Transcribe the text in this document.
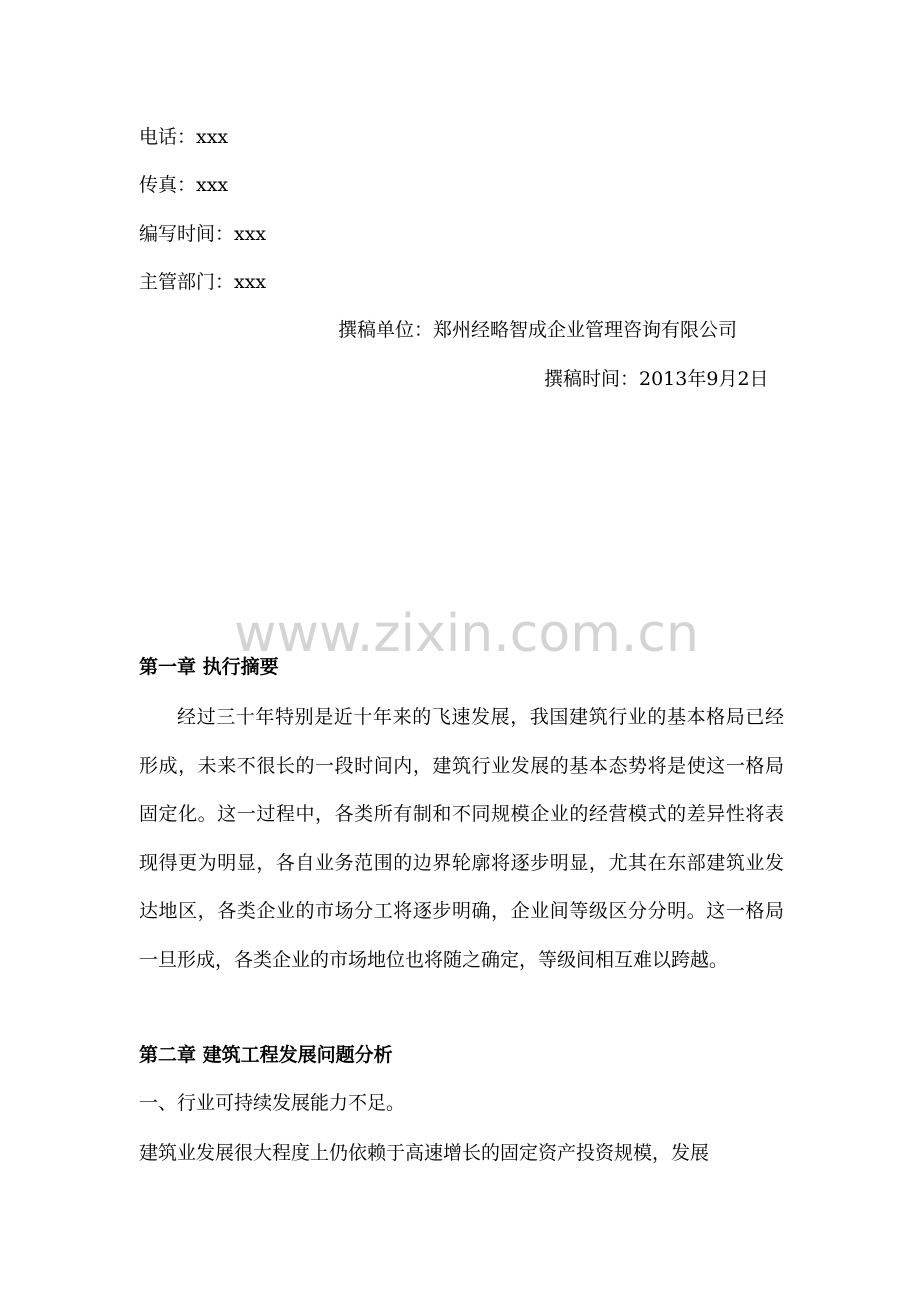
电话：xxx
传真：xxx
编写时间：xxx
主管部门：xxx
撰稿单位：郑州经略智成企业管理咨询有限公司
撰稿时间：2013年9月2日
www.zixin.com.cn
第一章 执行摘要

经过三十年特别是近十年来的飞速发展，我国建筑行业的基本格局已经形成，未来不很长的一段时间内，建筑行业发展的基本态势将是使这一格局固定化。这一过程中，各类所有制和不同规模企业的经营模式的差异性将表现得更为明显，各自业务范围的边界轮廓将逐步明显，尤其在东部建筑业发达地区，各类企业的市场分工将逐步明确，企业间等级区分分明。这一格局一旦形成，各类企业的市场地位也将随之确定，等级间相互难以跨越。

第二章 建筑工程发展问题分析
一、行业可持续发展能力不足。

建筑业发展很大程度上仍依赖于高速增长的固定资产投资规模，发展
